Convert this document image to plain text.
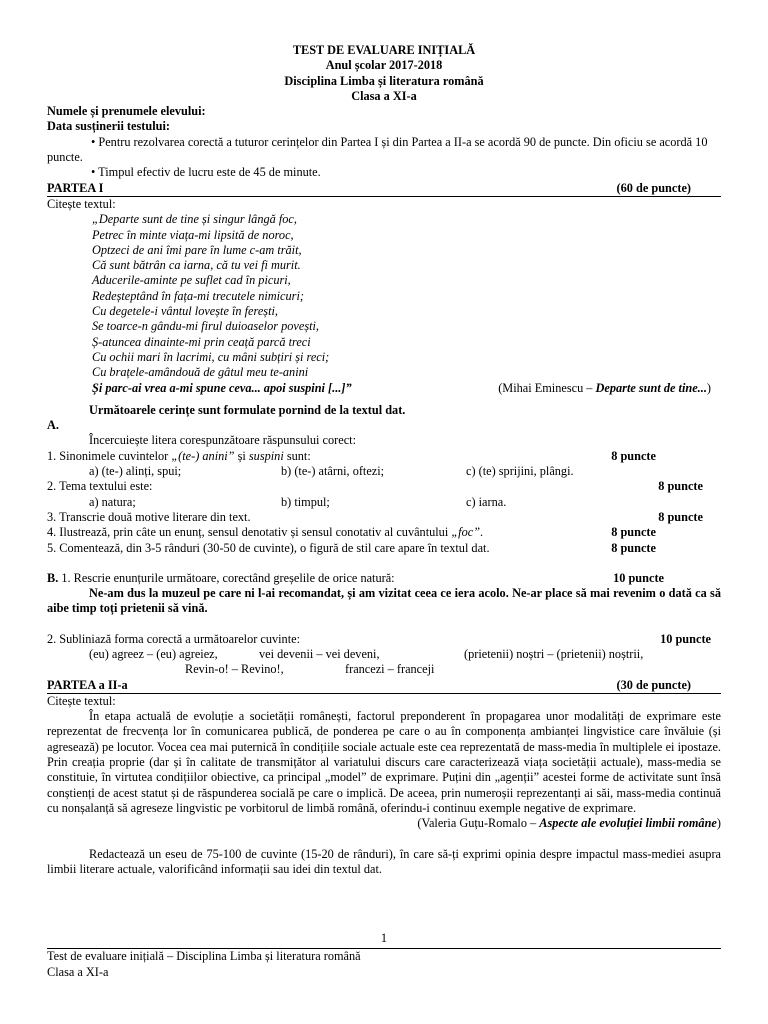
TEST DE EVALUARE INIȚIALĂ

Anul școlar 2017-2018

Disciplina Limba și literatura română

Clasa a XI-a

Numele și prenumele elevului:

Data susținerii testului:

• Pentru rezolvarea corectă a tuturor cerințelor din Partea I și din Partea a II-a se acordă 90 de puncte. Din oficiu se acordă 10 puncte.

• Timpul efectiv de lucru este de 45 de minute.

PARTEA I	(60 de puncte)

Citește textul:

„Departe sunt de tine și singur lângă foc,

Petrec în minte viața-mi lipsită de noroc,

Optzeci de ani îmi pare în lume c-am trăit,

Că sunt bătrân ca iarna, că tu vei fi murit.

Aducerile-aminte pe suflet cad în picuri,

Redeșteptând în fața-mi trecutele nimicuri;

Cu degetele-i vântul lovește în ferești,

Se toarce-n gându-mi firul duioaselor povești,

Ș-atuncea dinainte-mi prin ceață parcă treci

Cu ochii mari în lacrimi, cu mâni subțiri și reci;

Cu brațele-amândouă de gâtul meu te-anini

Și parc-ai vrea a-mi spune ceva... apoi suspini [...]”	(Mihai Eminescu – Departe sunt de tine...)

Următoarele cerințe sunt formulate pornind de la textul dat.

A.

Încercuiește litera corespunzătoare răspunsului corect:

1. Sinonimele cuvintelor „(te-) anini” și suspini sunt:	8 puncte
a) (te-) alinți, spui;	b) (te-) atârni, oftezi;	c) (te) sprijini, plângi.
2. Tema textului este:	8 puncte
a) natura;	b) timpul;	c) iarna.
3. Transcrie două motive literare din text.	8 puncte
4. Ilustrează, prin câte un enunț, sensul denotativ și sensul conotativ al cuvântului „foc”.	8 puncte
5. Comentează, din 3-5 rânduri (30-50 de cuvinte), o figură de stil care apare în textul dat.	8 puncte
B. 1. Rescrie enunțurile următoare, corectând greșelile de orice natură:	10 puncte

Ne-am dus la muzeul pe care ni l-ai recomandat, și am vizitat ceea ce iera acolo. Ne-ar place să mai revenim o dată ca să aibe timp toți prietenii să vină.

2. Subliniază forma corectă a următoarelor cuvinte:	10 puncte
(eu) agreez – (eu) agreiez,	vei devenii – vei deveni,	(prietenii) noștri – (prietenii) noștrii,
Revin-o! – Revino!,	francezi – franceji
PARTEA a II-a	(30 de puncte)

Citește textul:

În etapa actuală de evoluție a societății românești, factorul preponderent în propagarea unor modalități de exprimare este reprezentat de frecvența lor în comunicarea publică, de ponderea pe care o au în componența ambianței lingvistice care învăluie (și agresează) pe locutor. Vocea cea mai puternică în condițiile sociale actuale este cea reprezentată de mass-media în multiplele ei ipostaze. Prin creația proprie (dar și în calitate de transmițător al variatului discurs care caracterizează viața societății actuale), mass-media se constituie, în virtutea condițiilor obiective, ca principal „model” de exprimare. Puțini din „agenții” acestei forme de activitate sunt însă conștienți de acest statut și de răspunderea socială pe care o implică. De aceea, prin numeroșii reprezentanți ai săi, mass-media continuă cu nonșalanță să agreseze lingvistic pe vorbitorul de limbă română, oferindu-i continuu exemple negative de exprimare.

(Valeria Guțu-Romalo – Aspecte ale evoluției limbii române)

Redactează un eseu de 75-100 de cuvinte (15-20 de rânduri), în care să-ți exprimi opinia despre impactul mass-mediei asupra limbii literare actuale, valorificând informații sau idei din textul dat.

1

Test de evaluare inițială – Disciplina Limba și literatura română

Clasa a XI-a
